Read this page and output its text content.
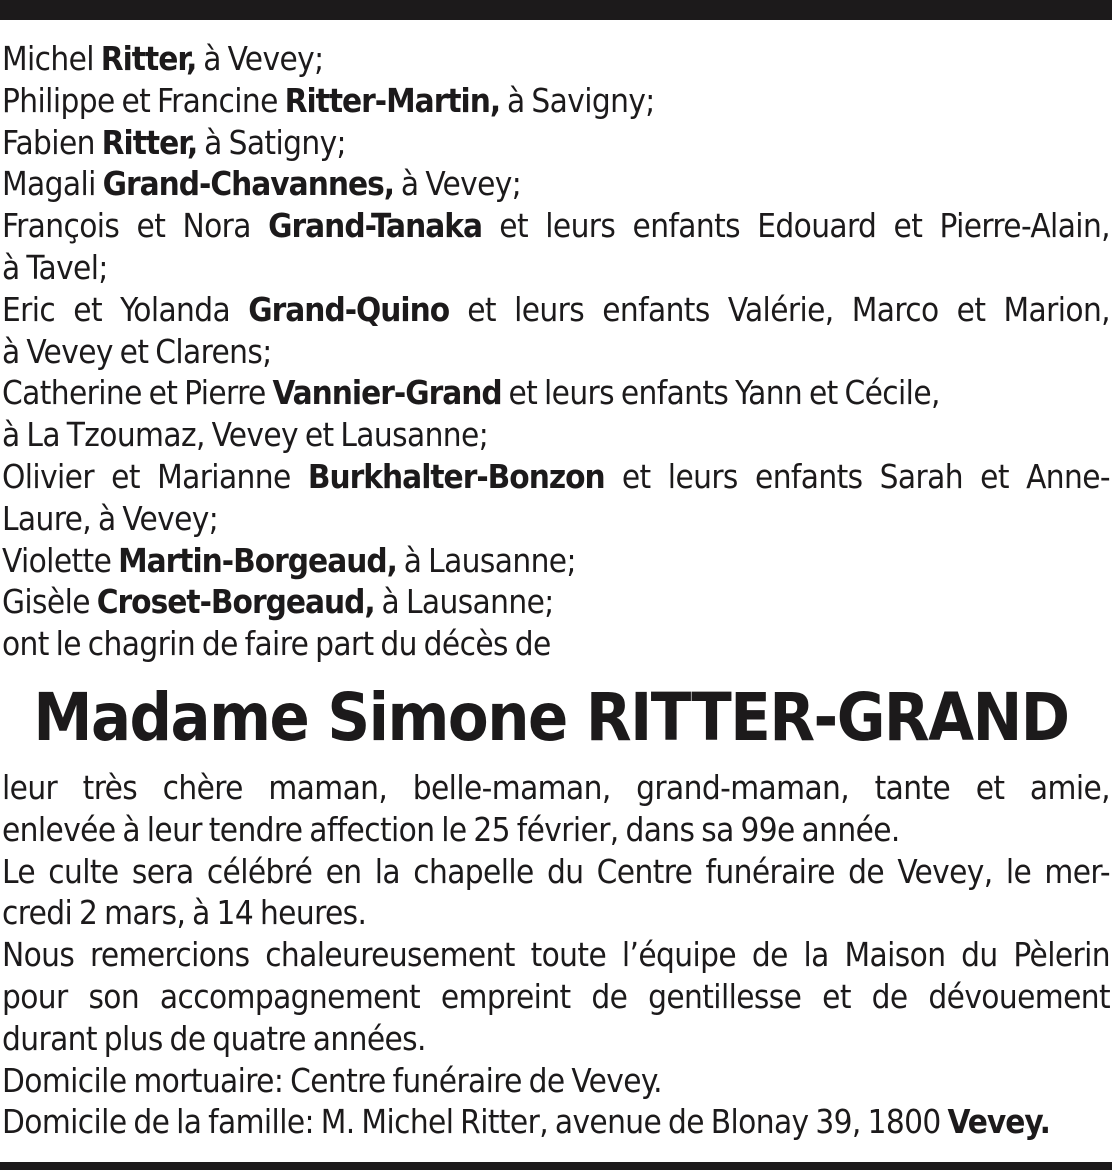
Michel Ritter, à Vevey;
Philippe et Francine Ritter-Martin, à Savigny;
Fabien Ritter, à Satigny;
Magali Grand-Chavannes, à Vevey;
François et Nora Grand-Tanaka et leurs enfants Edouard et Pierre-Alain,
à Tavel;
Eric et Yolanda Grand-Quino et leurs enfants Valérie, Marco et Marion,
à Vevey et Clarens;
Catherine et Pierre Vannier-Grand et leurs enfants Yann et Cécile,
à La Tzoumaz, Vevey et Lausanne;
Olivier et Marianne Burkhalter-Bonzon et leurs enfants Sarah et Anne-
Laure, à Vevey;
Violette Martin-Borgeaud, à Lausanne;
Gisèle Croset-Borgeaud, à Lausanne;
ont le chagrin de faire part du décès de
Madame Simone RITTER-GRAND
leur très chère maman, belle-maman, grand-maman, tante et amie,
enlevée à leur tendre affection le 25 février, dans sa 99e année.
Le culte sera célébré en la chapelle du Centre funéraire de Vevey, le mer-
credi 2 mars, à 14 heures.
Nous remercions chaleureusement toute l’équipe de la Maison du Pèlerin
pour son accompagnement empreint de gentillesse et de dévouement
durant plus de quatre années.
Domicile mortuaire: Centre funéraire de Vevey.
Domicile de la famille: M. Michel Ritter, avenue de Blonay 39, 1800 Vevey.
